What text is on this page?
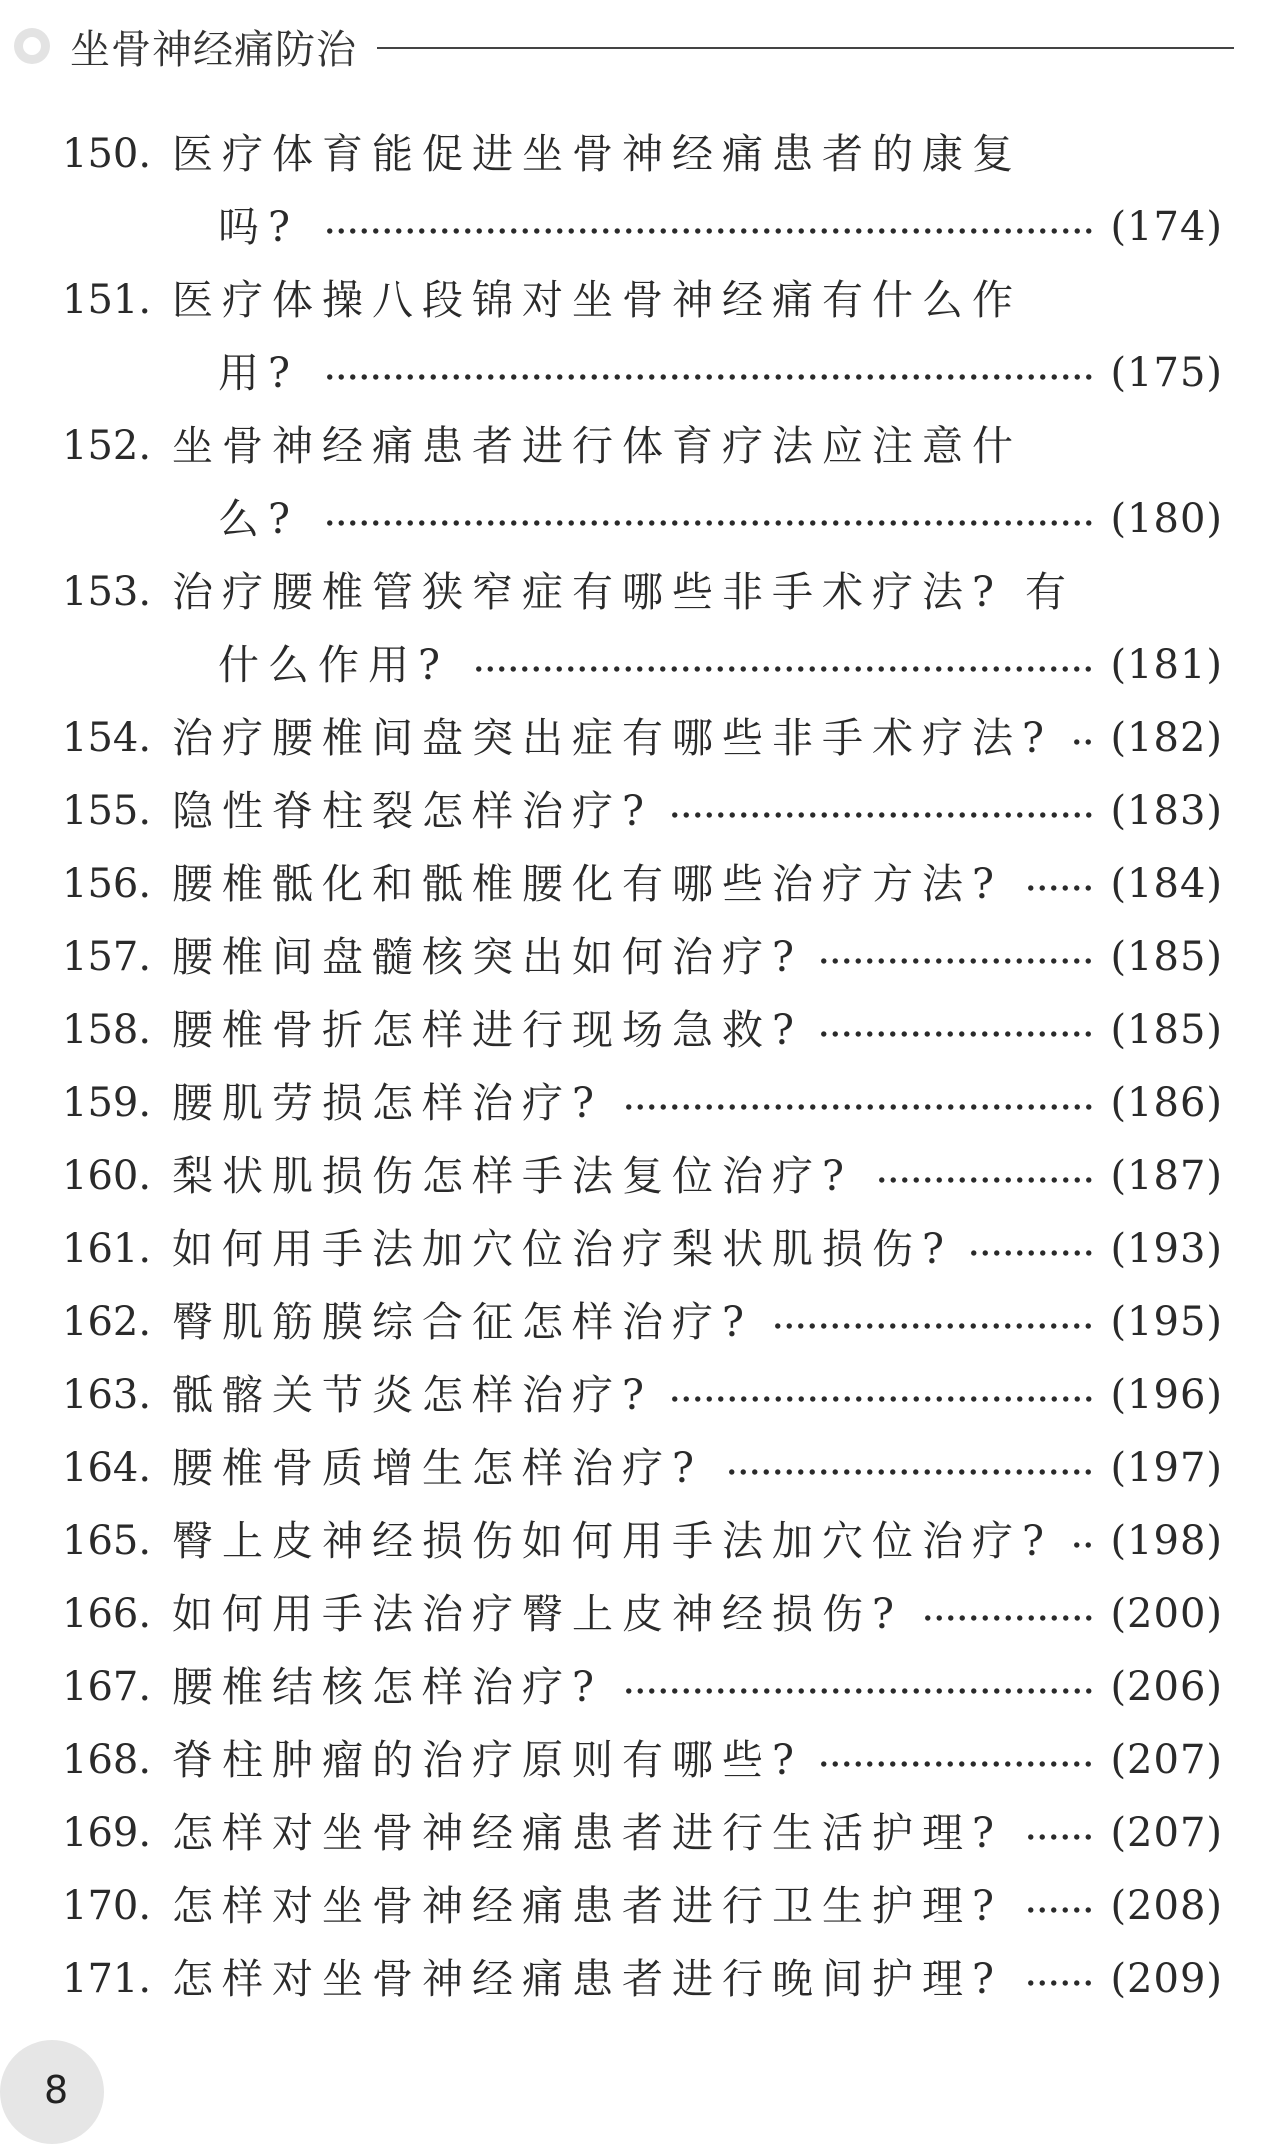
坐骨神经痛防治
150. 医疗体育能促进坐骨神经痛患者的康复
吗?	(174)
151. 医疗体操八段锦对坐骨神经痛有什么作
用?	(175)
152. 坐骨神经痛患者进行体育疗法应注意什
么?	(180)
153. 治疗腰椎管狭窄症有哪些非手术疗法? 有
什么作用?	(181)
154. 治疗腰椎间盘突出症有哪些非手术疗法? (182)
155. 隐性脊柱裂怎样治疗?	(183)
156. 腰椎骶化和骶椎腰化有哪些治疗方法?	(184)
157. 腰椎间盘髓核突出如何治疗?	(185)
158. 腰椎骨折怎样进行现场急救?	(185)
159. 腰肌劳损怎样治疗?	(186)
160. 梨状肌损伤怎样手法复位治疗?	(187)
161. 如何用手法加穴位治疗梨状肌损伤?	(193)
162. 臀肌筋膜综合征怎样治疗?	(195)
163. 骶髂关节炎怎样治疗?	(196)
164. 腰椎骨质增生怎样治疗?	(197)
165. 臀上皮神经损伤如何用手法加穴位治疗? (198)
166. 如何用手法治疗臀上皮神经损伤?	(200)
167. 腰椎结核怎样治疗?	(206)
168. 脊柱肿瘤的治疗原则有哪些?	(207)
169. 怎样对坐骨神经痛患者进行生活护理?	(207)
170. 怎样对坐骨神经痛患者进行卫生护理?	(208)
171. 怎样对坐骨神经痛患者进行晚间护理?	(209)
8
